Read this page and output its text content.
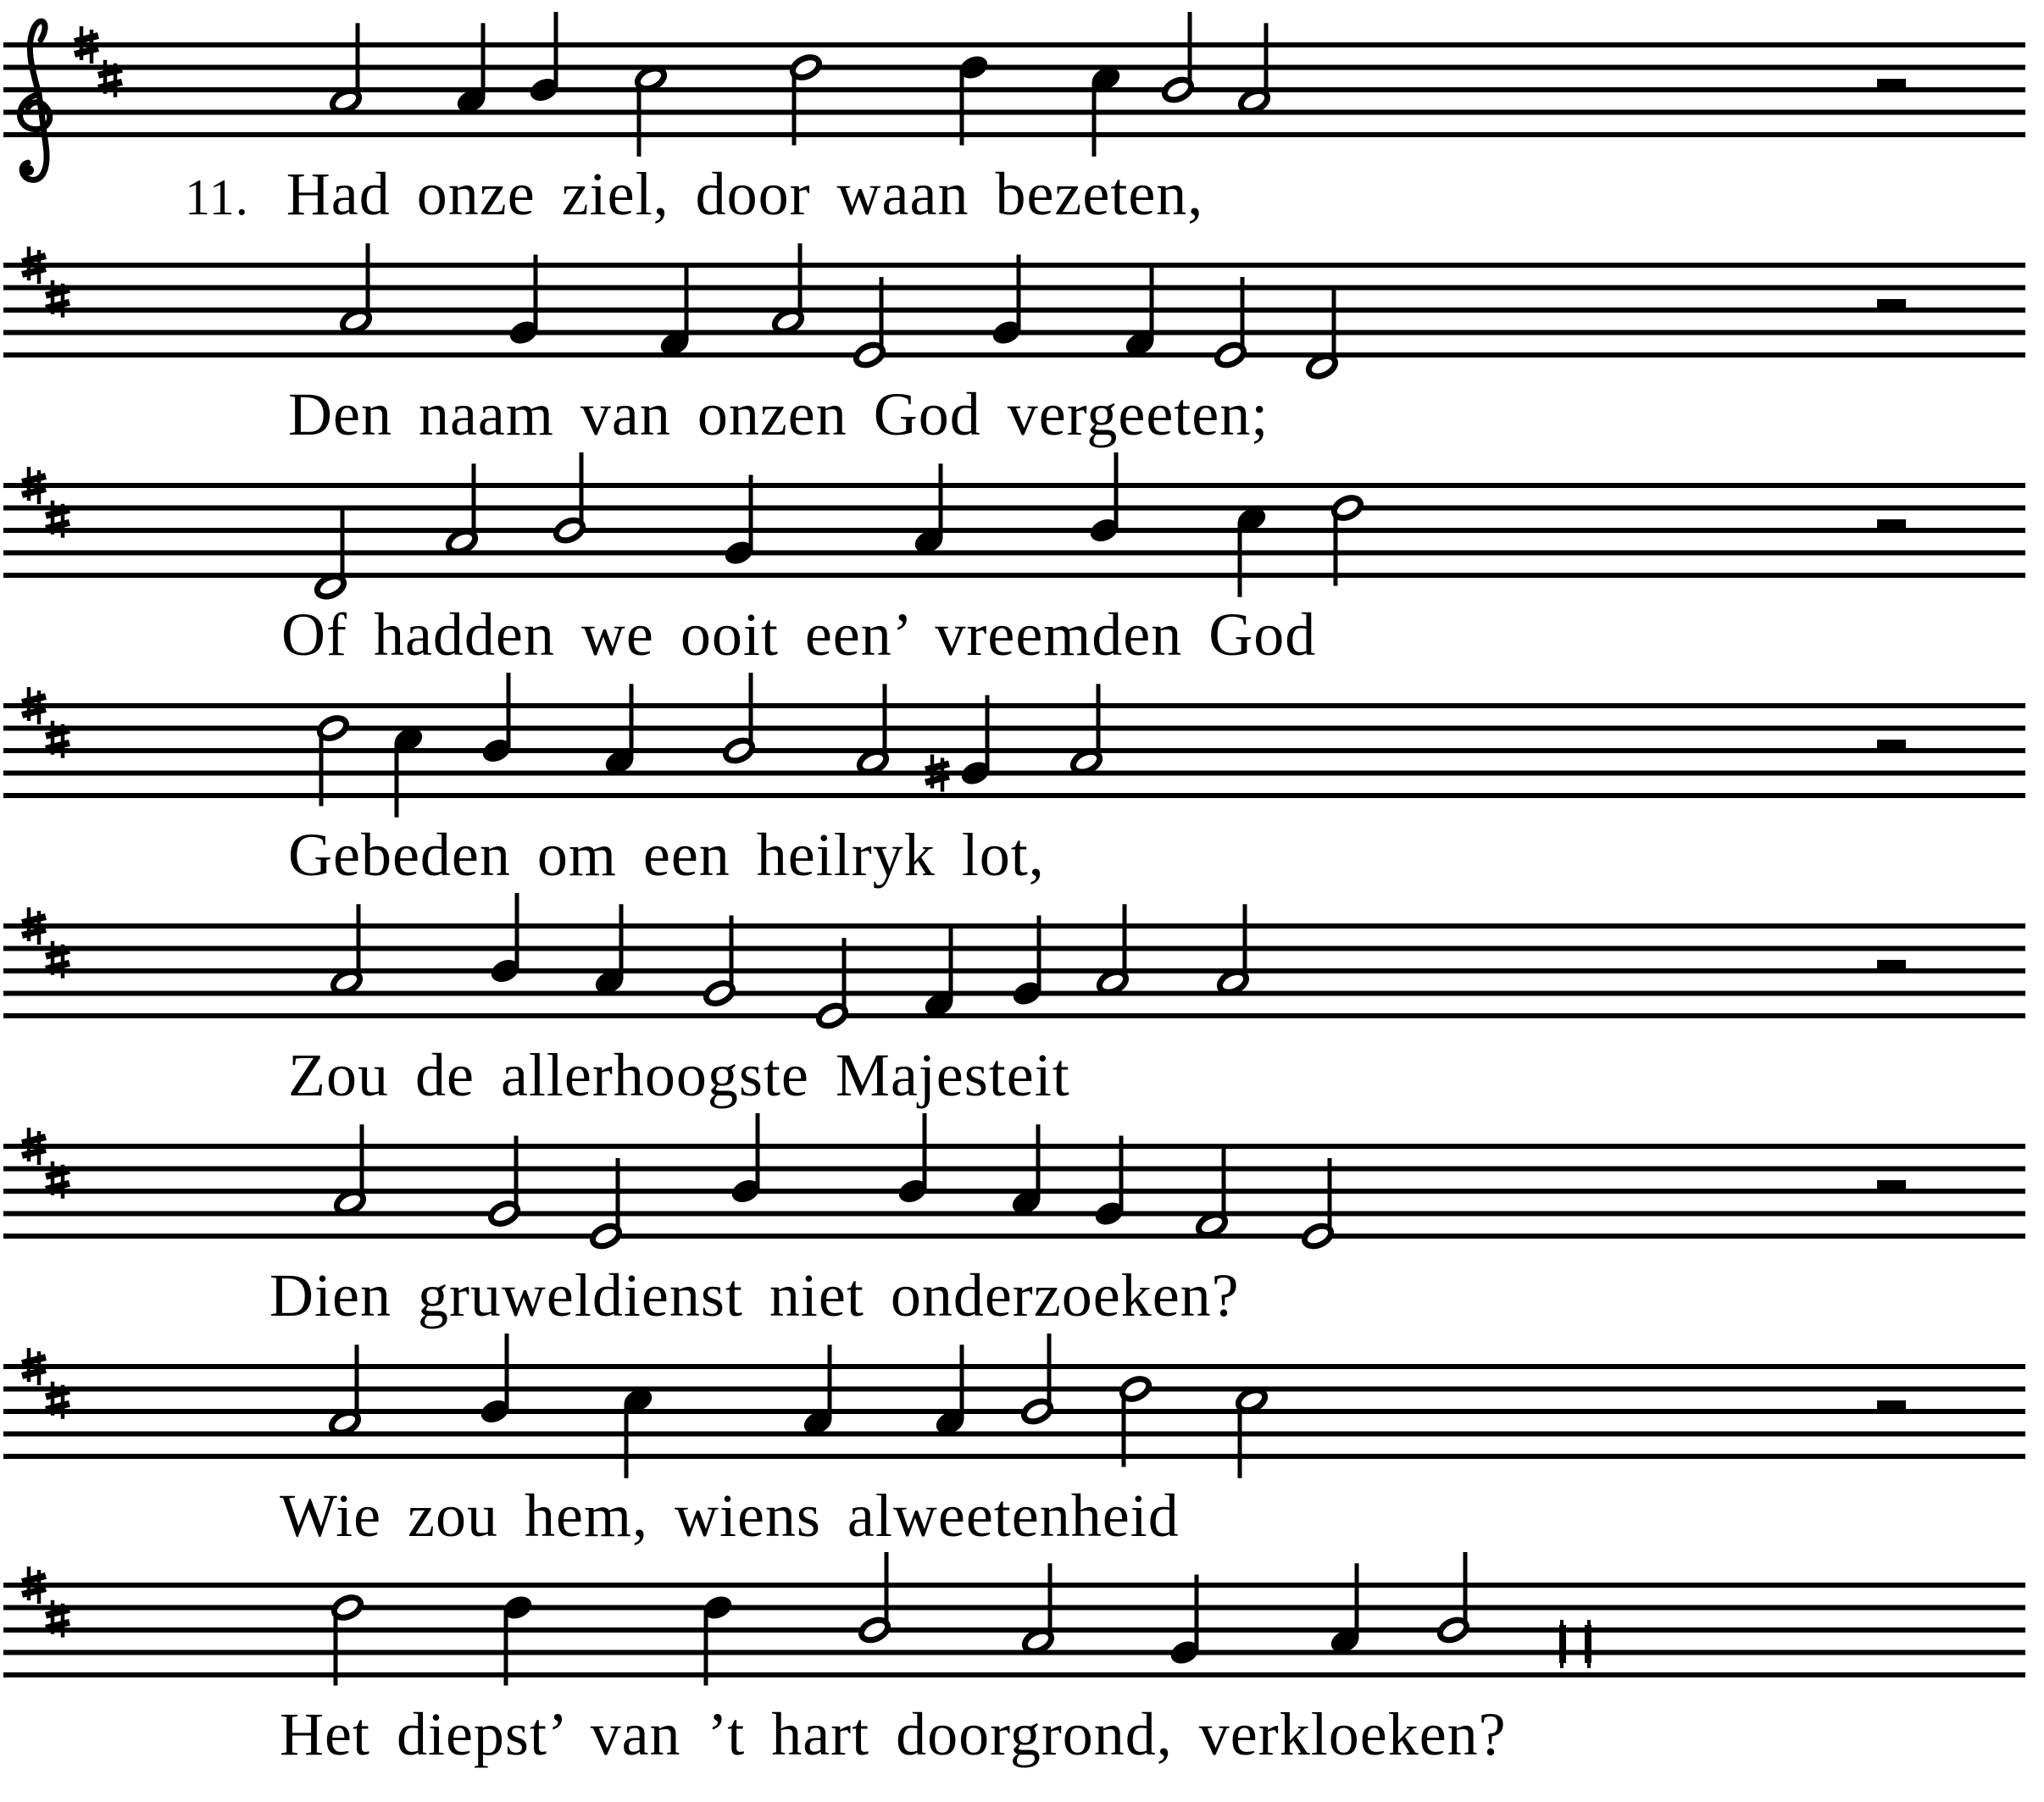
11. Had onze ziel, door waan bezeten,
Den naam van onzen God vergeeten;
Of hadden we ooit een’ vreemden God
Gebeden om een heilryk lot,
Zou de allerhoogste Majesteit
Dien gruweldienst niet onderzoeken?
Wie zou hem, wiens alweetenheid
Het diepst’ van ’t hart doorgrond, verkloeken?
